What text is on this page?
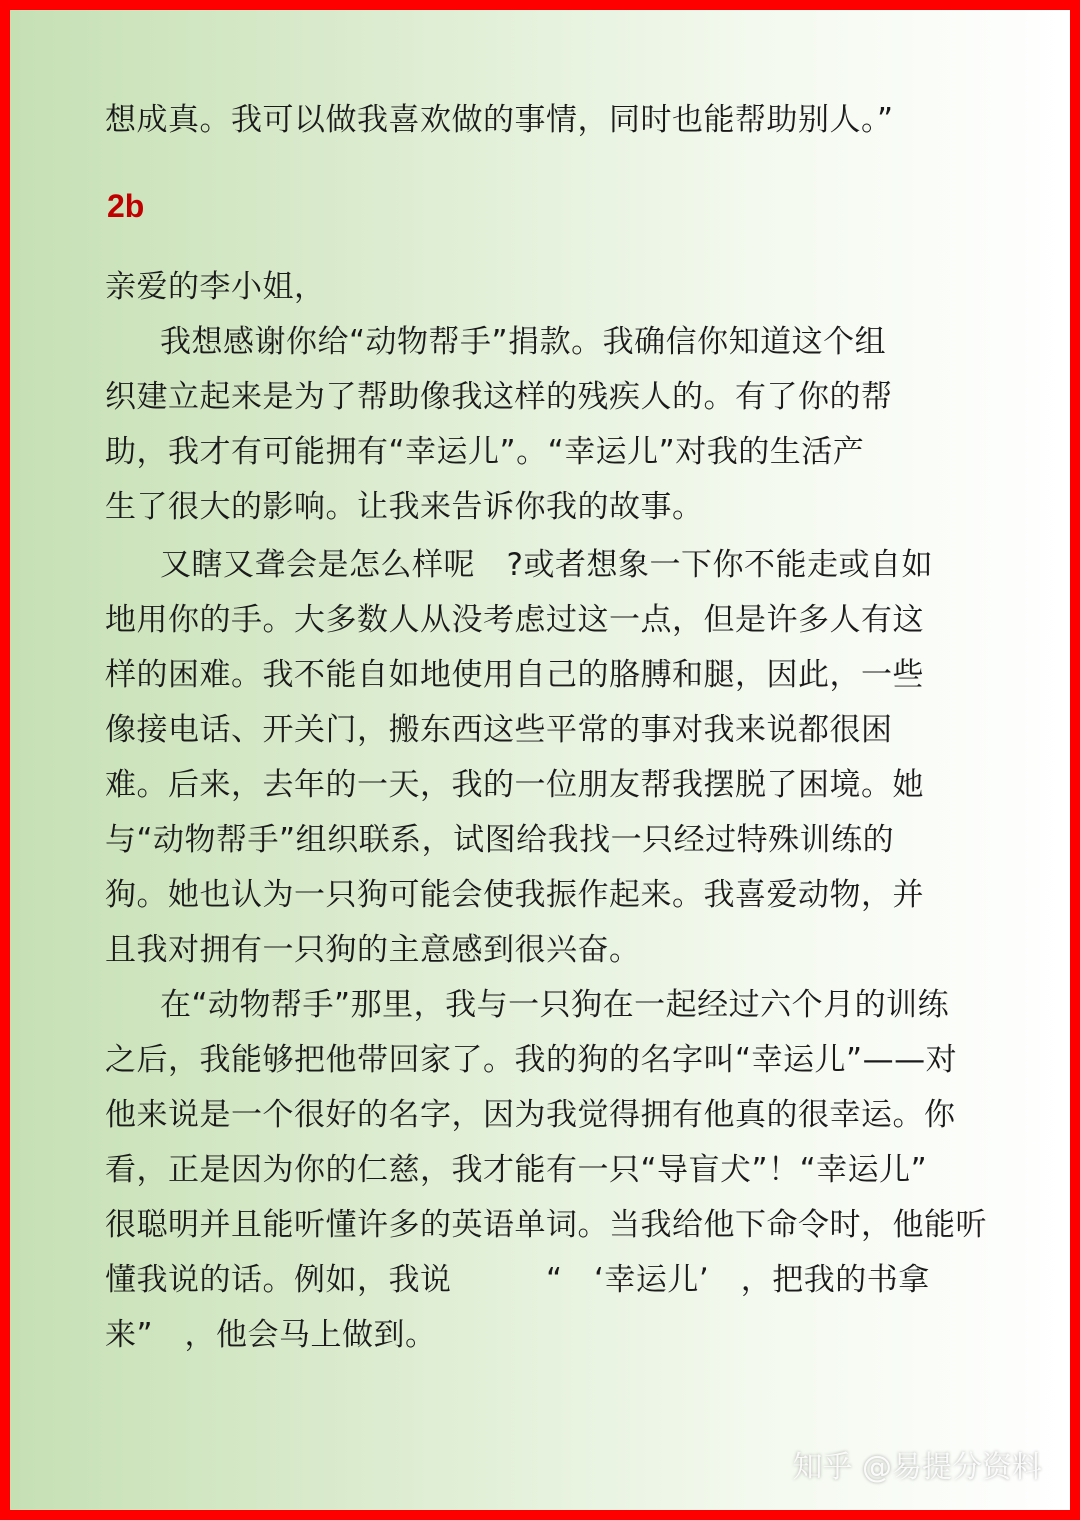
想成真。我可以做我喜欢做的事情，同时也能帮助别人。”

2b

亲爱的李小姐，

我想感谢你给“动物帮手”捐款。我确信你知道这个组

织建立起来是为了帮助像我这样的残疾人的。有了你的帮

助，我才有可能拥有“幸运儿”。“幸运儿”对我的生活产

生了很大的影响。让我来告诉你我的故事。

又瞎又聋会是怎么样呢　?或者想象一下你不能走或自如

地用你的手。大多数人从没考虑过这一点，但是许多人有这

样的困难。我不能自如地使用自己的胳膊和腿，因此，一些

像接电话、开关门，搬东西这些平常的事对我来说都很困

难。后来，去年的一天，我的一位朋友帮我摆脱了困境。她

与“动物帮手”组织联系，试图给我找一只经过特殊训练的

狗。她也认为一只狗可能会使我振作起来。我喜爱动物，并

且我对拥有一只狗的主意感到很兴奋。

在“动物帮手”那里，我与一只狗在一起经过六个月的训练

之后，我能够把他带回家了。我的狗的名字叫“幸运儿”——对

他来说是一个很好的名字，因为我觉得拥有他真的很幸运。你

看，正是因为你的仁慈，我才能有一只“导盲犬”！“幸运儿”

很聪明并且能听懂许多的英语单词。当我给他下命令时，他能听

懂我说的话。例如，我说　　　“　‘幸运儿’　，把我的书拿

来”　，他会马上做到。

知乎 @易提分资料
